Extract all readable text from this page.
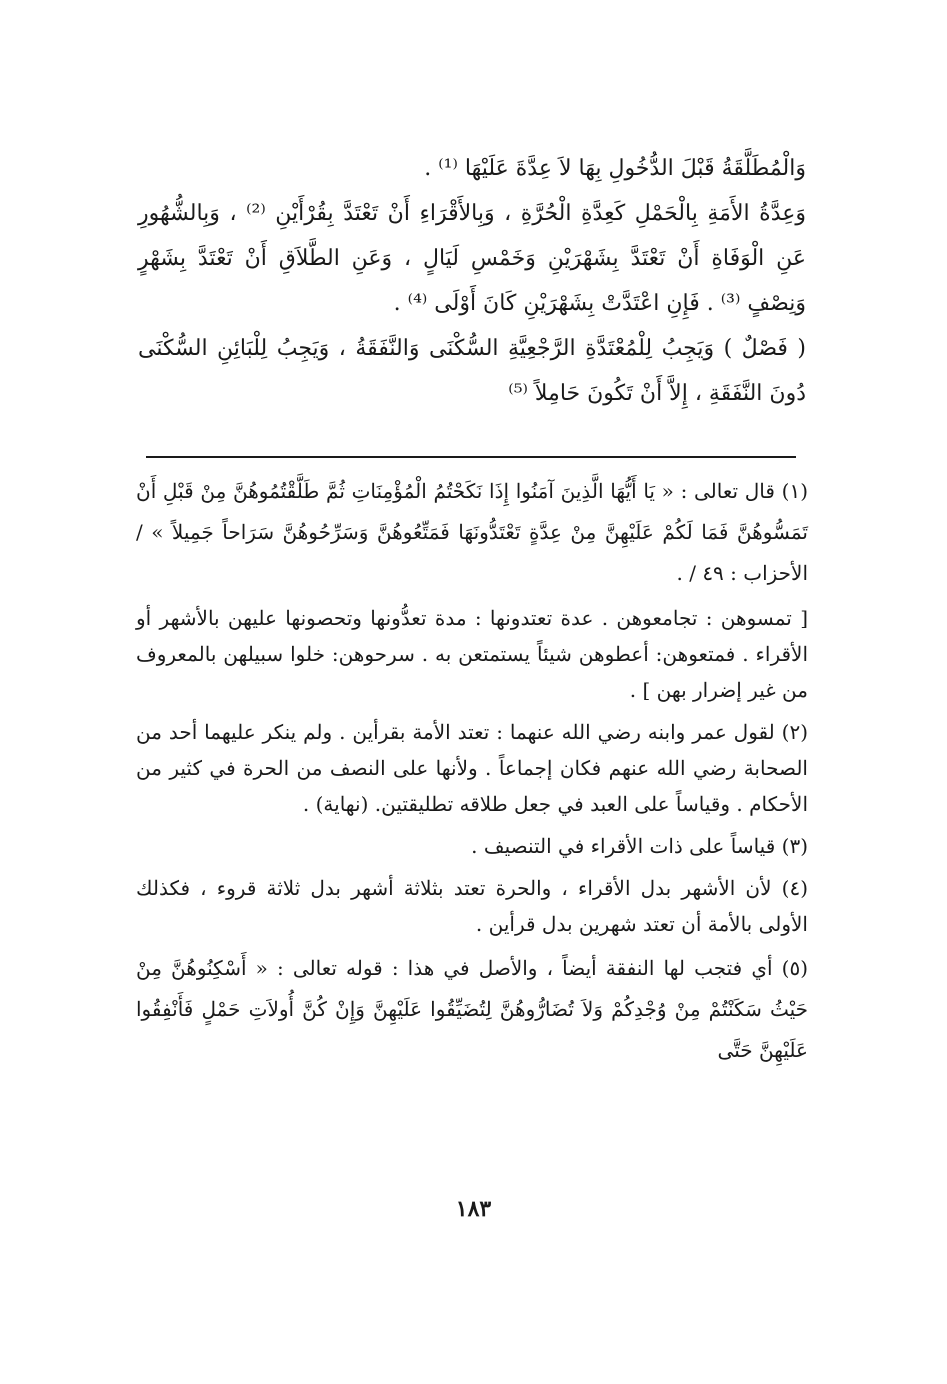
وَالْمُطَلَّقَةُ قَبْلَ الدُّخُولِ بِهَا لاَ عِدَّةَ عَلَيْهَا ⁽¹⁾ .

وَعِدَّةُ الأَمَةِ بِالْحَمْلِ كَعِدَّةِ الْحُرَّةِ ، وَبِالأَقْرَاءِ أَنْ تَعْتَدَّ بِقُرْأَيْنِ ⁽²⁾ ، وَبِالشُّهُورِ عَنِ الْوَفَاةِ أَنْ تَعْتَدَّ بِشَهْرَيْنِ وَخَمْسِ لَيَالٍ ، وَعَنِ الطَّلاَقِ أَنْ تَعْتَدَّ بِشَهْرٍ وَنِصْفٍ ⁽³⁾ . فَإِنِ اعْتَدَّتْ بِشَهْرَيْنِ كَانَ أَوْلَى ⁽⁴⁾ .

( فَصْلٌ ) وَيَجِبُ لِلْمُعْتَدَّةِ الرَّجْعِيَّةِ السُّكْنَى وَالنَّفَقَةُ ، وَيَجِبُ لِلْبَائِنِ السُّكْنَى دُونَ النَّفَقَةِ ، إِلاَّ أَنْ تَكُونَ حَامِلاً ⁽⁵⁾

(١) قال تعالى : « يَا أَيُّهَا الَّذِينَ آمَنُوا إِذَا نَكَحْتُمُ الْمُؤْمِنَاتِ ثُمَّ طَلَّقْتُمُوهُنَّ مِنْ قَبْلِ أَنْ تَمَسُّوهُنَّ فَمَا لَكُمْ عَلَيْهِنَّ مِنْ عِدَّةٍ تَعْتَدُّونَهَا فَمَتِّعُوهُنَّ وَسَرِّحُوهُنَّ سَرَاحاً جَمِيلاً » / الأحزاب : ٤٩ / .

[ تمسوهن : تجامعوهن . عدة تعتدونها : مدة تعدُّونها وتحصونها عليهن بالأشهر أو الأقراء . فمتعوهن: أعطوهن شيئاً يستمتعن به . سرحوهن: خلوا سبيلهن بالمعروف من غير إضرار بهن ] .

(٢) لقول عمر وابنه رضي الله عنهما : تعتد الأمة بقرأين . ولم ينكر عليهما أحد من الصحابة رضي الله عنهم فكان إجماعاً . ولأنها على النصف من الحرة في كثير من الأحكام . وقياساً على العبد في جعل طلاقه تطليقتين. (نهاية) .

(٣) قياساً على ذات الأقراء في التنصيف .

(٤) لأن الأشهر بدل الأقراء ، والحرة تعتد بثلاثة أشهر بدل ثلاثة قروء ، فكذلك الأولى بالأمة أن تعتد شهرين بدل قرأين .

(٥) أي فتجب لها النفقة أيضاً ، والأصل في هذا : قوله تعالى : « أَسْكِنُوهُنَّ مِنْ حَيْثُ سَكَنْتُمْ مِنْ وُجْدِكُمْ وَلاَ تُضَارُّوهُنَّ لِتُضَيِّقُوا عَلَيْهِنَّ وَإِنْ كُنَّ أُولاَتِ حَمْلٍ فَأَنْفِقُوا عَلَيْهِنَّ حَتَّى

١٨٣
